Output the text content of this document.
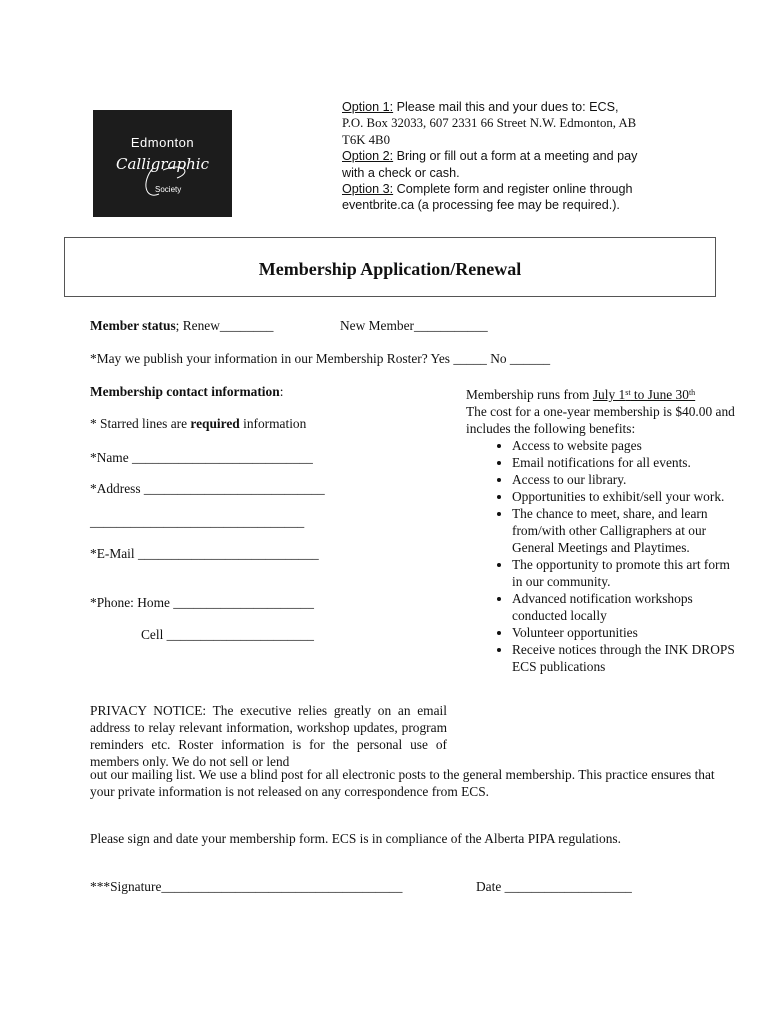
Edmonton
Calligraphic
Society
Option 1: Please mail this and your dues to: ECS,
P.O. Box 32033, 607 2331 66 Street N.W. Edmonton, AB
T6K 4B0
Option 2: Bring or fill out a form at a meeting and pay
with a check or cash.
Option 3: Complete form and register online through
eventbrite.ca (a processing fee may be required.).
Membership Application/Renewal
Member status; Renew________	New Member___________
*May we publish your information in our Membership Roster? Yes _____ No ______
Membership contact information:
* Starred lines are required information
*Name ___________________________
*Address ___________________________
________________________________
*E-Mail ___________________________
*Phone: Home _____________________
Cell ______________________
Membership runs from July 1st to June 30th
The cost for a one-year membership is $40.00 and includes the following benefits:
• Access to website pages
• Email notifications for all events.
• Access to our library.
• Opportunities to exhibit/sell your work.
• The chance to meet, share, and learn from/with other Calligraphers at our General Meetings and Playtimes.
• The opportunity to promote this art form in our community.
• Advanced notification workshops conducted locally
• Volunteer opportunities
• Receive notices through the INK DROPS ECS publications
PRIVACY NOTICE: The executive relies greatly on an email address to relay relevant information, workshop updates, program reminders etc. Roster information is for the personal use of members only. We do not sell or lend
out our mailing list. We use a blind post for all electronic posts to the general membership. This practice ensures that your private information is not released on any correspondence from ECS.
Please sign and date your membership form. ECS is in compliance of the Alberta PIPA regulations.
***Signature____________________________________	Date ___________________
